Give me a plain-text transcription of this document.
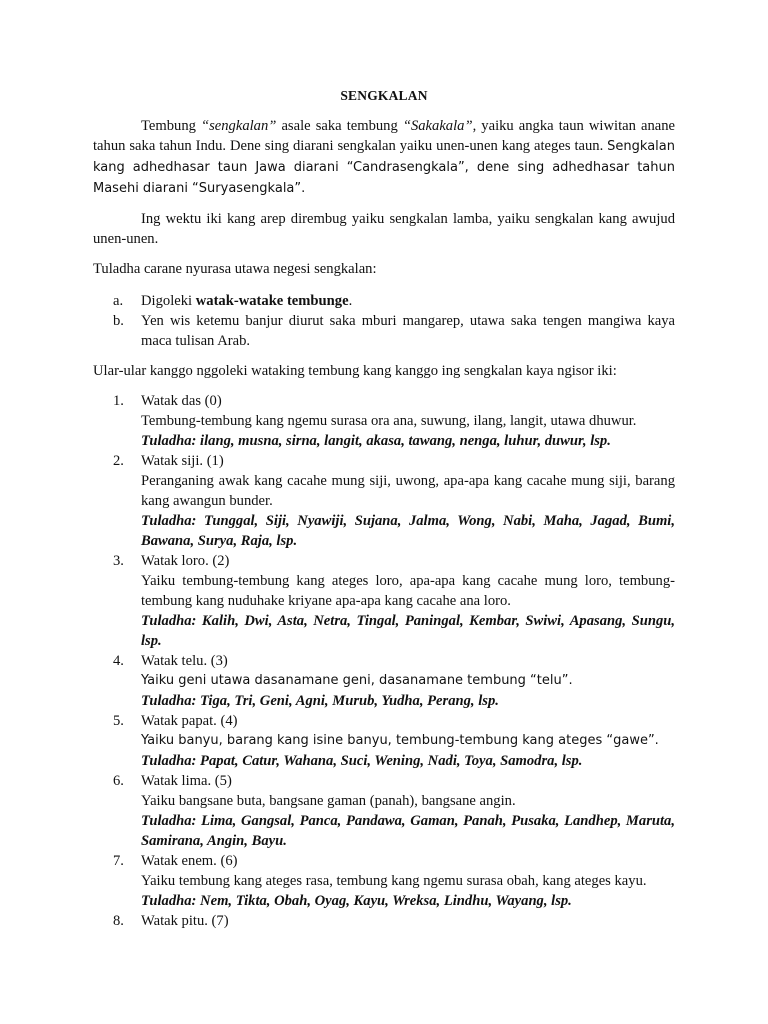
SENGKALAN

Tembung “sengkalan” asale saka tembung “Sakakala”, yaiku angka taun wiwitan anane tahun saka tahun Indu. Dene sing diarani sengkalan yaiku unen-unen kang ateges taun. Sengkalan kang adhedhasar taun Jawa diarani “Candrasengkala”, dene sing adhedhasar tahun Masehi diarani “Suryasengkala”.

Ing wektu iki kang arep dirembug yaiku sengkalan lamba, yaiku sengkalan kang awujud unen-unen.

Tuladha carane nyurasa utawa negesi sengkalan:

a. Digoleki watak-watake tembunge.
b. Yen wis ketemu banjur diurut saka mburi mangarep, utawa saka tengen mangiwa kaya maca tulisan Arab.

Ular-ular kanggo nggoleki wataking tembung kang kanggo ing sengkalan kaya ngisor iki:

1. Watak das (0)
Tembung-tembung kang ngemu surasa ora ana, suwung, ilang, langit, utawa dhuwur.
Tuladha: ilang, musna, sirna, langit, akasa, tawang, nenga, luhur, duwur, lsp.
2. Watak siji. (1)
Peranganing awak kang cacahe mung siji, uwong, apa-apa kang cacahe mung siji, barang kang awangun bunder.
Tuladha: Tunggal, Siji, Nyawiji, Sujana, Jalma, Wong, Nabi, Maha, Jagad, Bumi, Bawana, Surya, Raja, lsp.
3. Watak loro. (2)
Yaiku tembung-tembung kang ateges loro, apa-apa kang cacahe mung loro, tembung-tembung kang nuduhake kriyane apa-apa kang cacahe ana loro.
Tuladha: Kalih, Dwi, Asta, Netra, Tingal, Paningal, Kembar, Swiwi, Apasang, Sungu, lsp.
4. Watak telu. (3)
Yaiku geni utawa dasanamane geni, dasanamane tembung “telu”.
Tuladha: Tiga, Tri, Geni, Agni, Murub, Yudha, Perang, lsp.
5. Watak papat. (4)
Yaiku banyu, barang kang isine banyu, tembung-tembung kang ateges “gawe”.
Tuladha: Papat, Catur, Wahana, Suci, Wening, Nadi, Toya, Samodra, lsp.
6. Watak lima. (5)
Yaiku bangsane buta, bangsane gaman (panah), bangsane angin.
Tuladha: Lima, Gangsal, Panca, Pandawa, Gaman, Panah, Pusaka, Landhep, Maruta, Samirana, Angin, Bayu.
7. Watak enem. (6)
Yaiku tembung kang ateges rasa, tembung kang ngemu surasa obah, kang ateges kayu.
Tuladha: Nem, Tikta, Obah, Oyag, Kayu, Wreksa, Lindhu, Wayang, lsp.
8. Watak pitu. (7)
